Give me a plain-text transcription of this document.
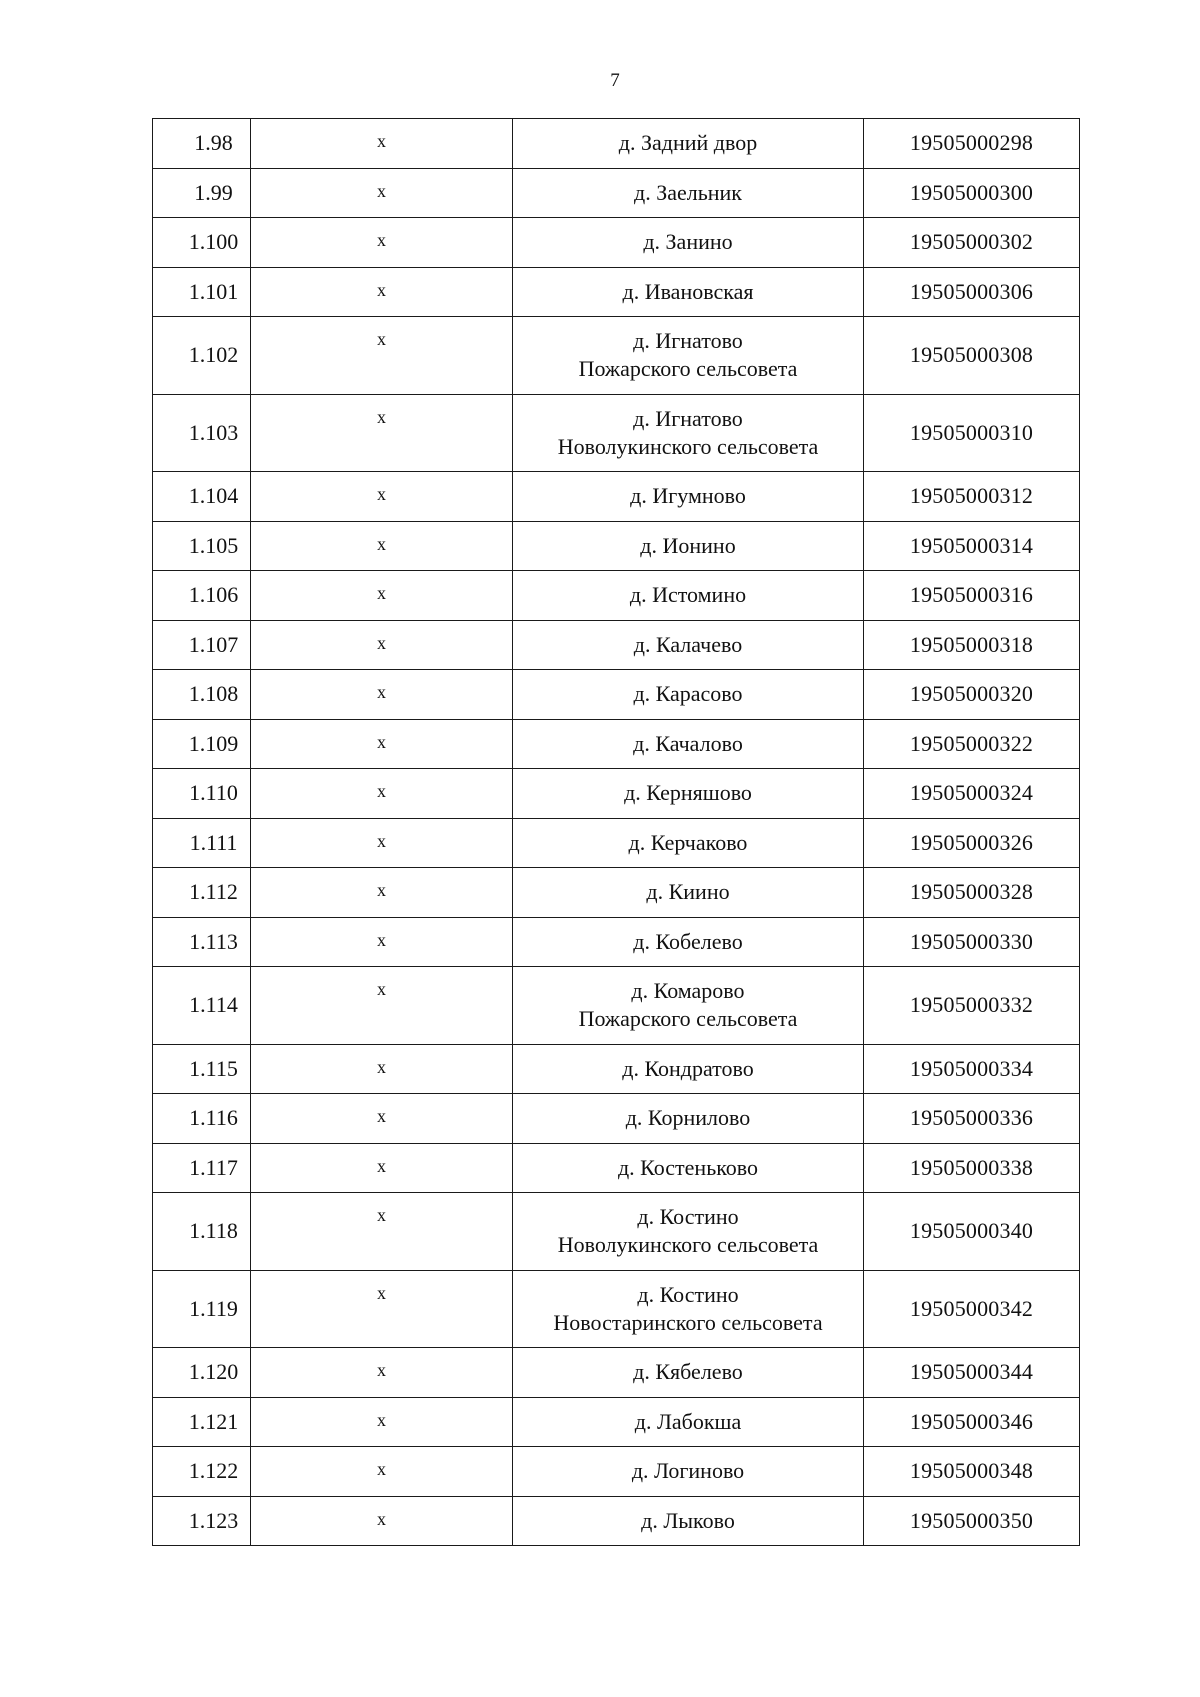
7
1.98	x	д. Задний двор	19505000298
1.99	x	д. Заельник	19505000300
1.100	x	д. Занино	19505000302
1.101	x	д. Ивановская	19505000306
1.102	x	д. Игнатово
Пожарского сельсовета	19505000308
1.103	x	д. Игнатово
Новолукинского сельсовета	19505000310
1.104	x	д. Игумново	19505000312
1.105	x	д. Ионино	19505000314
1.106	x	д. Истомино	19505000316
1.107	x	д. Калачево	19505000318
1.108	x	д. Карасово	19505000320
1.109	x	д. Качалово	19505000322
1.110	x	д. Керняшово	19505000324
1.111	x	д. Керчаково	19505000326
1.112	x	д. Киино	19505000328
1.113	x	д. Кобелево	19505000330
1.114	x	д. Комарово
Пожарского сельсовета	19505000332
1.115	x	д. Кондратово	19505000334
1.116	x	д. Корнилово	19505000336
1.117	x	д. Костеньково	19505000338
1.118	x	д. Костино
Новолукинского сельсовета	19505000340
1.119	x	д. Костино
Новостаринского сельсовета	19505000342
1.120	x	д. Кябелево	19505000344
1.121	x	д. Лабокша	19505000346
1.122	x	д. Логиново	19505000348
1.123	x	д. Лыково	19505000350
